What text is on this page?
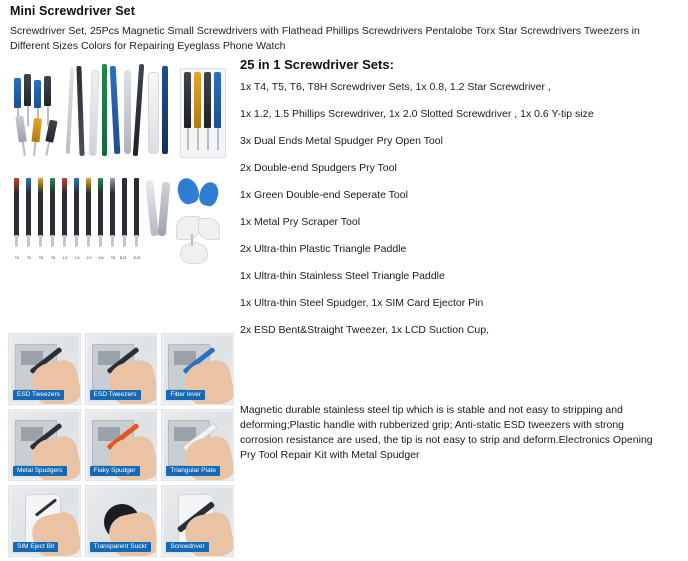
Mini Screwdriver Set
Screwdriver Set, 25Pcs Magnetic Small Screwdrivers with Flathead Phillips Screwdrivers Pentalobe Torx Star Screwdrivers Tweezers in Different Sizes Colors for Repairing Eyeglass Phone Watch
T4	T5	T6	T8	1.2	1.5	2.0	0.6	T8	E13	E15
25 in 1 Screwdriver Sets:
1x T4, T5, T6, T8H Screwdriver Sets, 1x 0.8, 1.2 Star Screwdriver ,
1x 1.2, 1.5 Phillips Screwdriver, 1x 2.0 Slotted Screwdriver , 1x 0.6 Y-tip size
3x Dual Ends Metal Spudger Pry Open Tool
2x Double-end Spudgers Pry Tool
1x Green Double-end Seperate Tool
1x Metal Pry Scraper Tool
2x Ultra-thin Plastic Triangle Paddle
1x Ultra-thin Stainless Steel Triangle Paddle
1x Ultra-thin Steel Spudger, 1x SIM Card Ejector Pin
2x ESD Bent&Straight Tweezer, 1x LCD Suction Cup,
ESD Tweezers	ESD Tweezers	Fiber lever
Metal Spudgers	Flaky Spudger	Triangular Plate
SIM Eject Bit	Transparent Suckr	Screwdriver
Magnetic durable stainless steel tip which is is stable and not easy to stripping and deforming;Plastic handle with rubberized grip; Anti-static ESD tweezers with strong corrosion resistance are used, the tip is not easy to strip and deform.Electronics Opening Pry Tool Repair Kit with Metal Spudger
